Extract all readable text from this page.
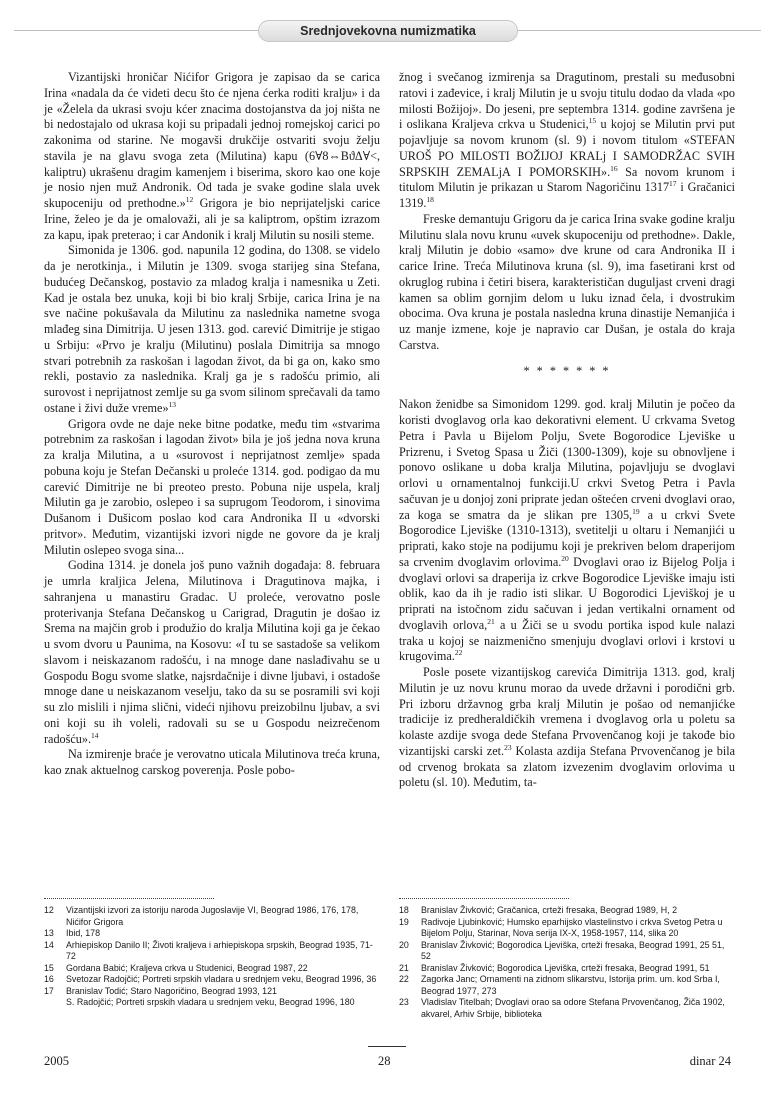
Srednjovekovna numizmatika

Vizantijski hroničar Nićifor Grigora je zapisao da se carica Irina «nadala da će videti decu što će njena ćerka roditi kralju» i da je «Želela da ukrasi svoju kćer znacima dostojanstva da joj ništa ne bi nedostajalo od ukrasa koji su pripadali jednoj romejskoj carici po zakonima od starine. Ne mogavši drukčije ostvariti svoju želju stavila je na glavu svoga zeta (Milutina) kapu (6∀8⇔ΒϑΔ∀<, kaliptru) ukrašenu dragim kamenjem i biserima, skoro kao one koje je nosio njen muž Andronik. Od tada je svake godine slala uvek skupoceniju od prethodne.»$^{12}$ Grigora je bio neprijateljski carice Irine, želeo je da je omalovaži, ali je sa kaliptrom, opštim izrazom za kapu, ipak preterao; i car Andonik i kralj Milutin su nosili steme.

Simonida je 1306. god. napunila 12 godina, do 1308. se videlo da je nerotkinja., i Milutin je 1309. svoga starijeg sina Stefana, budućeg Dečanskog, postavio za mladog kralja i namesnika u Zeti. Kad je ostala bez unuka, koji bi bio kralj Srbije, carica Irina je na sve načine pokušavala da Milutinu za naslednika nametne svoga mlađeg sina Dimitrija. U jesen 1313. god. carević Dimitrije je stigao u Srbiju: «Prvo je kralju (Milutinu) poslala Dimitrija sa mnogo stvari potrebnih za raskošan i lagodan život, da bi ga on, kako smo rekli, postavio za naslednika. Kralj ga je s radošću primio, ali surovost i neprijatnost zemlje su ga svom silinom sprečavali da tamo ostane i živi duže vreme»$^{13}$

Grigora ovde ne daje neke bitne podatke, među tim «stvarima potrebnim za raskošan i lagodan život» bila je još jedna nova kruna za kralja Milutina, a u «surovost i neprijatnost zemlje» spada pobuna koju je Stefan Dečanski u proleće 1314. god. podigao da mu carević Dimitrije ne bi preoteo presto. Pobuna nije uspela, kralj Milutin ga je zarobio, oslepeo i sa suprugom Teodorom, i sinovima Dušanom i Dušicom poslao kod cara Andronika II u «dvorski pritvor». Međutim, vizantijski izvori nigde ne govore da je kralj Milutin oslepeo svoga sina...

Godina 1314. je donela još puno važnih događaja: 8. februara je umrla kraljica Jelena, Milutinova i Dragutinova majka, i sahranjena u manastiru Gradac. U proleće, verovatno posle proterivanja Stefana Dečanskog u Carigrad, Dragutin je došao iz Srema na majčin grob i produžio do kralja Milutina koji ga je čekao u svom dvoru u Paunima, na Kosovu: «I tu se sastadoše sa velikom slavom i neiskazanom radošću, i na mnoge dane naslađivahu se u Gospodu Bogu svome slatke, najsrdačnije i divne ljubavi, i ostadoše mnoge dane u neiskazanom veselju, tako da su se posramili svi koji su zlo mislili i njima slični, videći njihovu preizobilnu ljubav, a svi oni koji su ih voleli, radovali su se u Gospodu neizrečenom radošću».$^{14}$

Na izmirenje braće je verovatno uticala Milutinova treća kruna, kao znak aktuelnog carskog poverenja. Posle pobo-

žnog i svečanog izmirenja sa Dragutinom, prestali su međusobni ratovi i zađevice, i kralj Milutin je u svoju titulu dodao da vlada «po milosti Božijoj». Do jeseni, pre septembra 1314. godine završena je i oslikana Kraljeva crkva u Studenici,$^{15}$ u kojoj se Milutin prvi put pojavljuje sa novom krunom (sl. 9) i novom titulom «STEFAN UROŠ PO MILOSTI BOŽIJOJ KRALj I SAMODRŽAC SVIH SRPSKIH ZEMALjA I POMORSKIH».$^{16}$ Sa novom krunom i titulom Milutin je prikazan u Starom Nagoričinu 1317$^{17}$ i Gračanici 1319.18

Freske demantuju Grigoru da je carica Irina svake godine kralju Milutinu slala novu krunu «uvek skupoceniju od prethodne». Dakle, kralj Milutin je dobio «samo» dve krune od cara Andronika II i carice Irine. Treća Milutinova kruna (sl. 9), ima fasetirani krst od okruglog rubina i četiri bisera, karakterističan duguljast crveni dragi kamen sa oblim gornjim delom u luku iznad čela, i dvostrukim obocima. Ova kruna je postala nasledna kruna dinastije Nemanjića i uz manje izmene, koje je napravio car Dušan, je ostala do kraja Carstva.

* * * * * * *

Nakon ženidbe sa Simonidom 1299. god. kralj Milutin je počeo da koristi dvoglavog orla kao dekorativni element. U crkvama Svetog Petra i Pavla u Bijelom Polju, Svete Bogorodice Ljeviške u Prizrenu, i Svetog Spasa u Žiči (1300-1309), koje su obnovljene i ponovo oslikane u doba kralja Milutina, pojavljuju se dvoglavi orlovi u ornamentalnoj funkciji.U crkvi Svetog Petra i Pavla sačuvan je u donjoj zoni priprate jedan oštećen crveni dvoglavi orao, za koga se smatra da je slikan pre 1305,19 a u crkvi Svete Bogorodice Ljeviške (1310-1313), svetitelji u oltaru i Nemanjići u priprati, kako stoje na podijumu koji je prekriven belom draperijom sa crvenim dvoglavim orlovima.$^{20}$ Dvoglavi orao iz Bijelog Polja i dvoglavi orlovi sa draperija iz crkve Bogorodice Ljeviške imaju isti oblik, kao da ih je radio isti slikar. U Bogorodici Ljeviškoj je u priprati na istočnom zidu sačuvan i jedan vertikalni ornament od dvoglavih orlova,$^{21}$ a u Žiči se u svodu portika ispod kule nalazi traka u kojoj se naizmenično smenjuju dvoglavi orlovi i krstovi u krugovima.$^{22}$

Posle posete vizantijskog carevića Dimitrija 1313. god, kralj Milutin je uz novu krunu morao da uvede državni i porodični grb. Pri izboru državnog grba kralj Milutin je pošao od nemanjićke tradicije iz predheraldičkih vremena i dvoglavog orla u poletu sa kolaste azdije svoga dede Stefana Prvovenčanog koji je takođe bio vizantijski carski zet.$^{23}$ Kolasta azdija Stefana Prvovenčanog je bila od crvenog brokata sa zlatom izvezenim dvoglavim orlovima u poletu (sl. 10). Međutim, ta-

12	Vizantijski izvori za istoriju naroda Jugoslavije VI, Beograd 1986, 176, 178, Nićifor Grigora
13	Ibid, 178
14	Arhiepiskop Danilo II; Životi kraljeva i arhiepiskopa srpskih, Beograd 1935, 71-72
15	Gordana Babić; Kraljeva crkva u Studenici, Beograd 1987, 22
16	Svetozar Radojčić; Portreti srpskih vladara u srednjem veku, Beograd 1996, 36
17	Branislav Todić; Staro Nagoričino, Beograd 1993, 121
S. Radojčić; Portreti srpskih vladara u srednjem veku, Beograd 1996, 180
18	Branislav Živković; Gračanica, crteži fresaka, Beograd 1989, H, 2
19	Radivoje Ljubinković; Humsko eparhijsko vlastelinstvo i crkva Svetog Petra u Bijelom Polju, Starinar, Nova serija IX-X, 1958-1957, 114, slika 20
20	Branislav Živković; Bogorodica Ljeviška, crteži fresaka, Beograd 1991, 25 51, 52
21	Branislav Živković; Bogorodica Ljeviška, crteži fresaka, Beograd 1991, 51
22	Zagorka Janc; Ornamenti na zidnom slikarstvu, Istorija prim. um. kod Srba I, Beograd 1977, 273
23	Vladislav Titelbah; Dvoglavi orao sa odore Stefana Prvovenčanog, Žiča 1902, akvarel, Arhiv Srbije, biblioteka
2005	28	dinar 24
